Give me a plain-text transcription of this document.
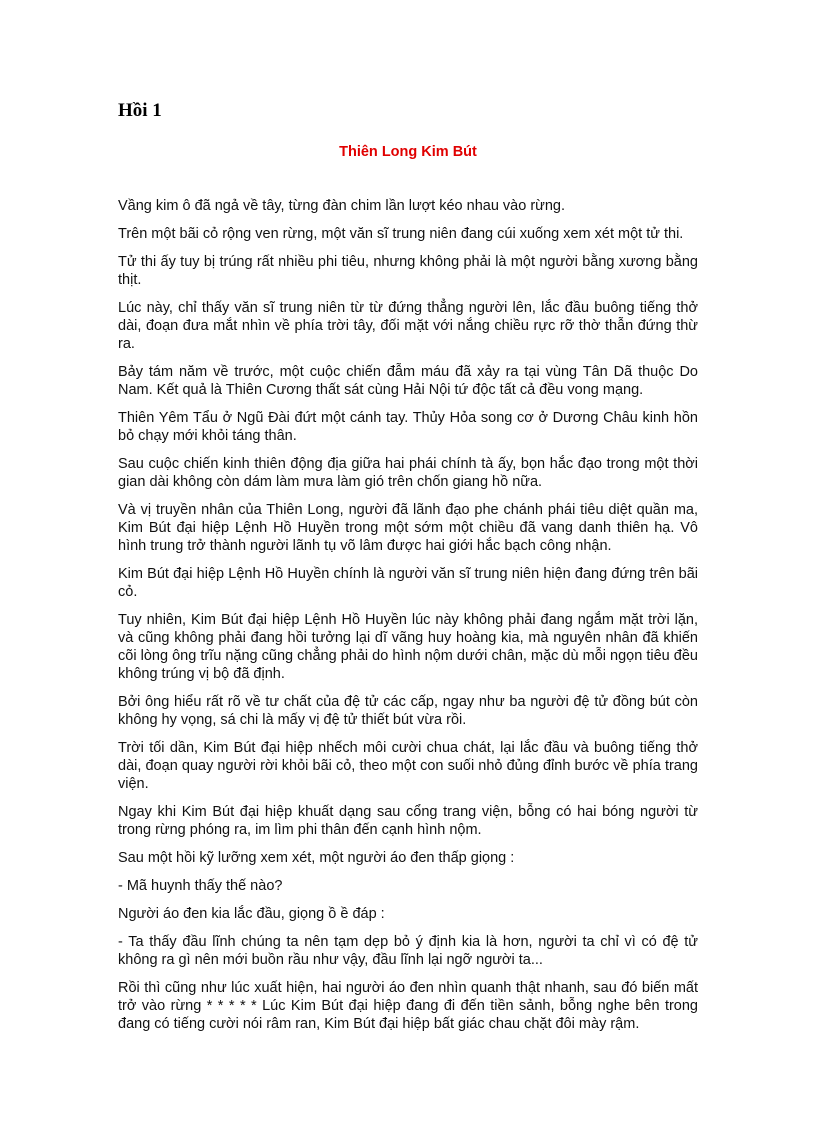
Hồi 1
Thiên Long Kim Bút

Vầng kim ô đã ngả về tây, từng đàn chim lần lượt kéo nhau vào rừng.

Trên một bãi cỏ rộng ven rừng, một văn sĩ trung niên đang cúi xuống xem xét một tử thi.

Tử thi ấy tuy bị trúng rất nhiều phi tiêu, nhưng không phải là một người bằng xương bằng thịt.

Lúc này, chỉ thấy văn sĩ trung niên từ từ đứng thẳng người lên, lắc đầu buông tiếng thở dài, đoạn đưa mắt nhìn về phía trời tây, đối mặt với nắng chiều rực rỡ thờ thẫn đứng thừ ra.

Bảy tám năm về trước, một cuộc chiến đẫm máu đã xảy ra tại vùng Tân Dã thuộc Do Nam. Kết quả là Thiên Cương thất sát cùng Hải Nội tứ độc tất cả đều vong mạng.

Thiên Yêm Tẩu ở Ngũ Đài đứt một cánh tay. Thủy Hỏa song cơ ở Dương Châu kinh hồn bỏ chạy mới khỏi táng thân.

Sau cuộc chiến kinh thiên động địa giữa hai phái chính tà ấy, bọn hắc đạo trong một thời gian dài không còn dám làm mưa làm gió trên chốn giang hồ nữa.

Và vị truyền nhân của Thiên Long, người đã lãnh đạo phe chánh phái tiêu diệt quần ma, Kim Bút đại hiệp Lệnh Hồ Huyền trong một sớm một chiều đã vang danh thiên hạ. Vô hình trung trở thành người lãnh tụ võ lâm được hai giới hắc bạch công nhận.

Kim Bút đại hiệp Lệnh Hồ Huyền chính là người văn sĩ trung niên hiện đang đứng trên bãi cỏ.

Tuy nhiên, Kim Bút đại hiệp Lệnh Hồ Huyền lúc này không phải đang ngắm mặt trời lặn, và cũng không phải đang hồi tưởng lại dĩ vãng huy hoàng kia, mà nguyên nhân đã khiến cõi lòng ông trĩu nặng cũng chẳng phải do hình nộm dưới chân, mặc dù mỗi ngọn tiêu đều không trúng vị bộ đã định.

Bởi ông hiểu rất rõ về tư chất của đệ tử các cấp, ngay như ba người đệ tử đồng bút còn không hy vọng, sá chi là mấy vị đệ tử thiết bút vừa rồi.

Trời tối dần, Kim Bút đại hiệp nhếch môi cười chua chát, lại lắc đầu và buông tiếng thở dài, đoạn quay người rời khỏi bãi cỏ, theo một con suối nhỏ đủng đỉnh bước về phía trang viện.

Ngay khi Kim Bút đại hiệp khuất dạng sau cổng trang viện, bỗng có hai bóng người từ trong rừng phóng ra, im lìm phi thân đến cạnh hình nộm.

Sau một hồi kỹ lưỡng xem xét, một người áo đen thấp giọng :

- Mã huynh thấy thế nào?

Người áo đen kia lắc đầu, giọng ồ ề đáp :

- Ta thấy đầu lĩnh chúng ta nên tạm dẹp bỏ ý định kia là hơn, người ta chỉ vì có đệ tử không ra gì nên mới buồn rầu như vậy, đầu lĩnh lại ngỡ người ta...

Rồi thì cũng như lúc xuất hiện, hai người áo đen nhìn quanh thật nhanh, sau đó biến mất trở vào rừng * * * * * Lúc Kim Bút đại hiệp đang đi đến tiền sảnh, bỗng nghe bên trong đang có tiếng cười nói râm ran, Kim Bút đại hiệp bất giác chau chặt đôi mày rậm.
